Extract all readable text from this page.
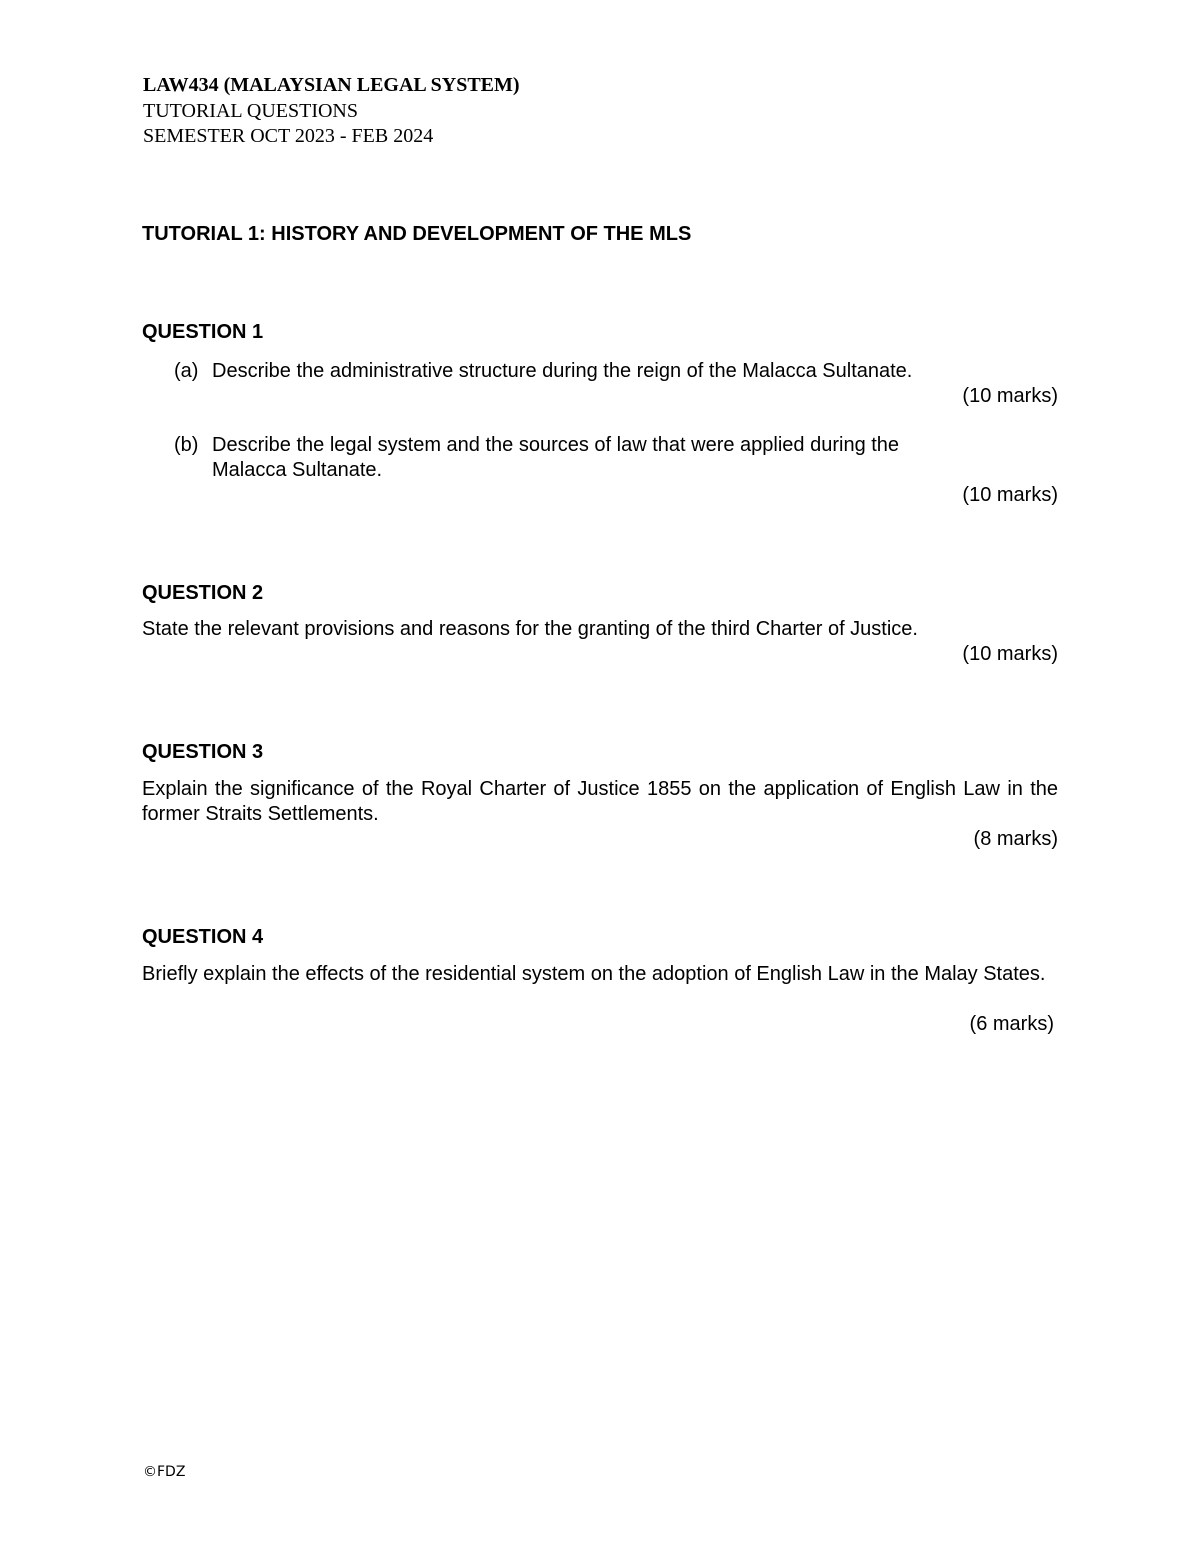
LAW434 (MALAYSIAN LEGAL SYSTEM)
TUTORIAL QUESTIONS
SEMESTER OCT 2023 - FEB 2024
TUTORIAL 1: HISTORY AND DEVELOPMENT OF THE MLS
QUESTION 1
(a) Describe the administrative structure during the reign of the Malacca Sultanate.
(10 marks)
(b) Describe the legal system and the sources of law that were applied during the Malacca Sultanate.
(10 marks)
QUESTION 2
State the relevant provisions and reasons for the granting of the third Charter of Justice.
(10 marks)
QUESTION 3
Explain the significance of the Royal Charter of Justice 1855 on the application of English Law in the former Straits Settlements.
(8 marks)
QUESTION 4
Briefly explain the effects of the residential system on the adoption of English Law in the Malay States.
(6 marks)
©FDZ
